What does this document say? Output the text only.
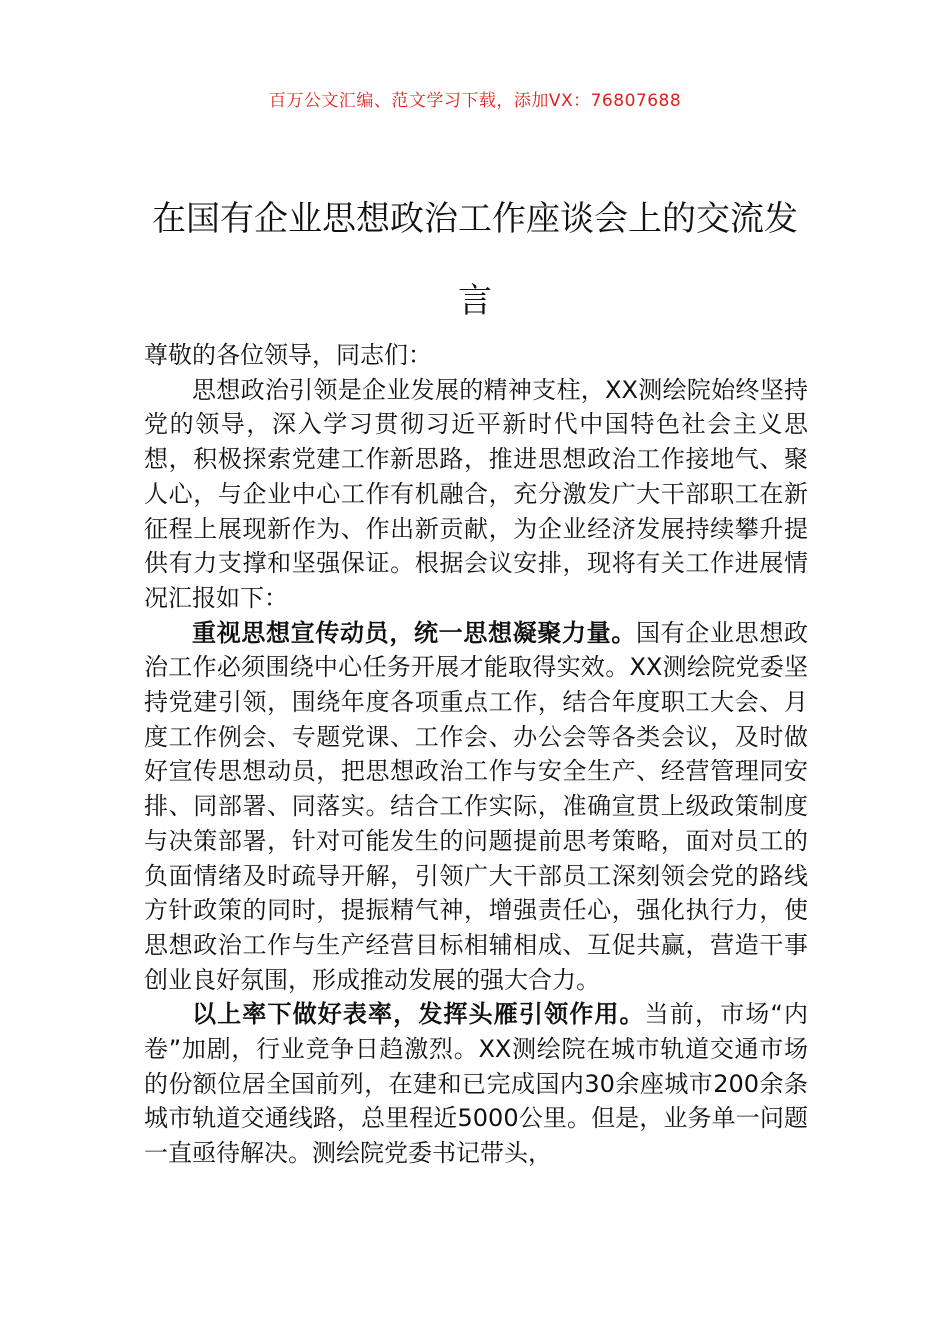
百万公文汇编、范文学习下载，添加VX：76807688
在国有企业思想政治工作座谈会上的交流发言

尊敬的各位领导，同志们：

思想政治引领是企业发展的精神支柱，XX测绘院始终坚持党的领导，深入学习贯彻习近平新时代中国特色社会主义思想，积极探索党建工作新思路，推进思想政治工作接地气、聚人心，与企业中心工作有机融合，充分激发广大干部职工在新征程上展现新作为、作出新贡献，为企业经济发展持续攀升提供有力支撑和坚强保证。根据会议安排，现将有关工作进展情况汇报如下：

重视思想宣传动员，统一思想凝聚力量。国有企业思想政治工作必须围绕中心任务开展才能取得实效。XX测绘院党委坚持党建引领，围绕年度各项重点工作，结合年度职工大会、月度工作例会、专题党课、工作会、办公会等各类会议，及时做好宣传思想动员，把思想政治工作与安全生产、经营管理同安排、同部署、同落实。结合工作实际，准确宣贯上级政策制度与决策部署，针对可能发生的问题提前思考策略，面对员工的负面情绪及时疏导开解，引领广大干部员工深刻领会党的路线方针政策的同时，提振精气神，增强责任心，强化执行力，使思想政治工作与生产经营目标相辅相成、互促共赢，营造干事创业良好氛围，形成推动发展的强大合力。

以上率下做好表率，发挥头雁引领作用。当前，市场“内卷”加剧，行业竞争日趋激烈。XX测绘院在城市轨道交通市场的份额位居全国前列，在建和已完成国内30余座城市200余条城市轨道交通线路，总里程近5000公里。但是，业务单一问题一直亟待解决。测绘院党委书记带头，
